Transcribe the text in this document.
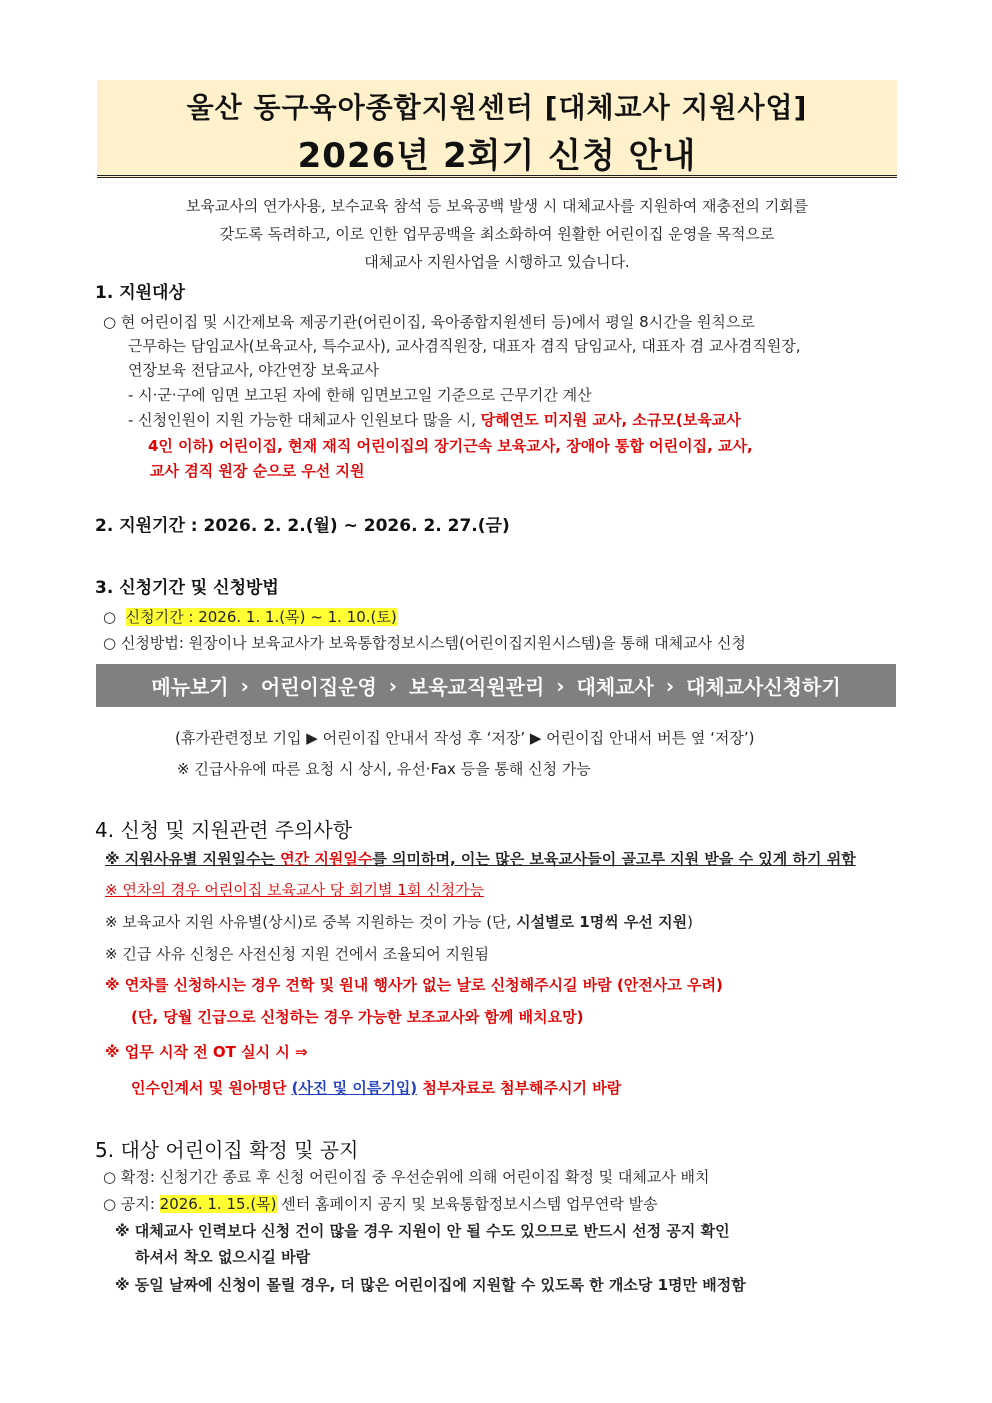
울산 동구육아종합지원센터 [대체교사 지원사업]
2026년 2회기 신청 안내
보육교사의 연가사용, 보수교육 참석 등 보육공백 발생 시 대체교사를 지원하여 재충전의 기회를
갖도록 독려하고, 이로 인한 업무공백을 최소화하여 원활한 어린이집 운영을 목적으로
대체교사 지원사업을 시행하고 있습니다.
1. 지원대상
○ 현 어린이집 및 시간제보육 제공기관(어린이집, 육아종합지원센터 등)에서 평일 8시간을 원칙으로
근무하는 담임교사(보육교사, 특수교사), 교사겸직원장, 대표자 겸직 담임교사, 대표자 겸 교사겸직원장,
연장보육 전담교사, 야간연장 보육교사
- 시·군·구에 임면 보고된 자에 한해 임면보고일 기준으로 근무기간 계산
- 신청인원이 지원 가능한 대체교사 인원보다 많을 시, 당해연도 미지원 교사, 소규모(보육교사
4인 이하) 어린이집, 현재 재직 어린이집의 장기근속 보육교사, 장애아 통합 어린이집, 교사,
교사 겸직 원장 순으로 우선 지원
2. 지원기간 : 2026. 2. 2.(월) ~ 2026. 2. 27.(금)
3. 신청기간 및 신청방법
○ 신청기간 : 2026. 1. 1.(목) ~ 1. 10.(토)
○ 신청방법: 원장이나 보육교사가 보육통합정보시스템(어린이집지원시스템)을 통해 대체교사 신청
메뉴보기 › 어린이집운영 › 보육교직원관리 › 대체교사 › 대체교사신청하기
(휴가관련정보 기입 ▶ 어린이집 안내서 작성 후 ‘저장’ ▶ 어린이집 안내서 버튼 옆 ‘저장’)
※ 긴급사유에 따른 요청 시 상시, 유선·Fax 등을 통해 신청 가능
4. 신청 및 지원관련 주의사항
※ 지원사유별 지원일수는 연간 지원일수를 의미하며, 이는 많은 보육교사들이 골고루 지원 받을 수 있게 하기 위함
※ 연차의 경우 어린이집 보육교사 당 회기별 1회 신청가능
※ 보육교사 지원 사유별(상시)로 중복 지원하는 것이 가능 (단, 시설별로 1명씩 우선 지원)
※ 긴급 사유 신청은 사전신청 지원 건에서 조율되어 지원됨
※ 연차를 신청하시는 경우 견학 및 원내 행사가 없는 날로 신청해주시길 바람 (안전사고 우려)
(단, 당월 긴급으로 신청하는 경우 가능한 보조교사와 함께 배치요망)
※ 업무 시작 전 OT 실시 시 ⇒
인수인계서 및 원아명단 (사진 및 이름기입) 첨부자료로 첨부해주시기 바람
5. 대상 어린이집 확정 및 공지
○ 확정: 신청기간 종료 후 신청 어린이집 중 우선순위에 의해 어린이집 확정 및 대체교사 배치
○ 공지: 2026. 1. 15.(목) 센터 홈페이지 공지 및 보육통합정보시스템 업무연락 발송
※ 대체교사 인력보다 신청 건이 많을 경우 지원이 안 될 수도 있으므로 반드시 선정 공지 확인
하셔서 착오 없으시길 바람
※ 동일 날짜에 신청이 몰릴 경우, 더 많은 어린이집에 지원할 수 있도록 한 개소당 1명만 배정함
